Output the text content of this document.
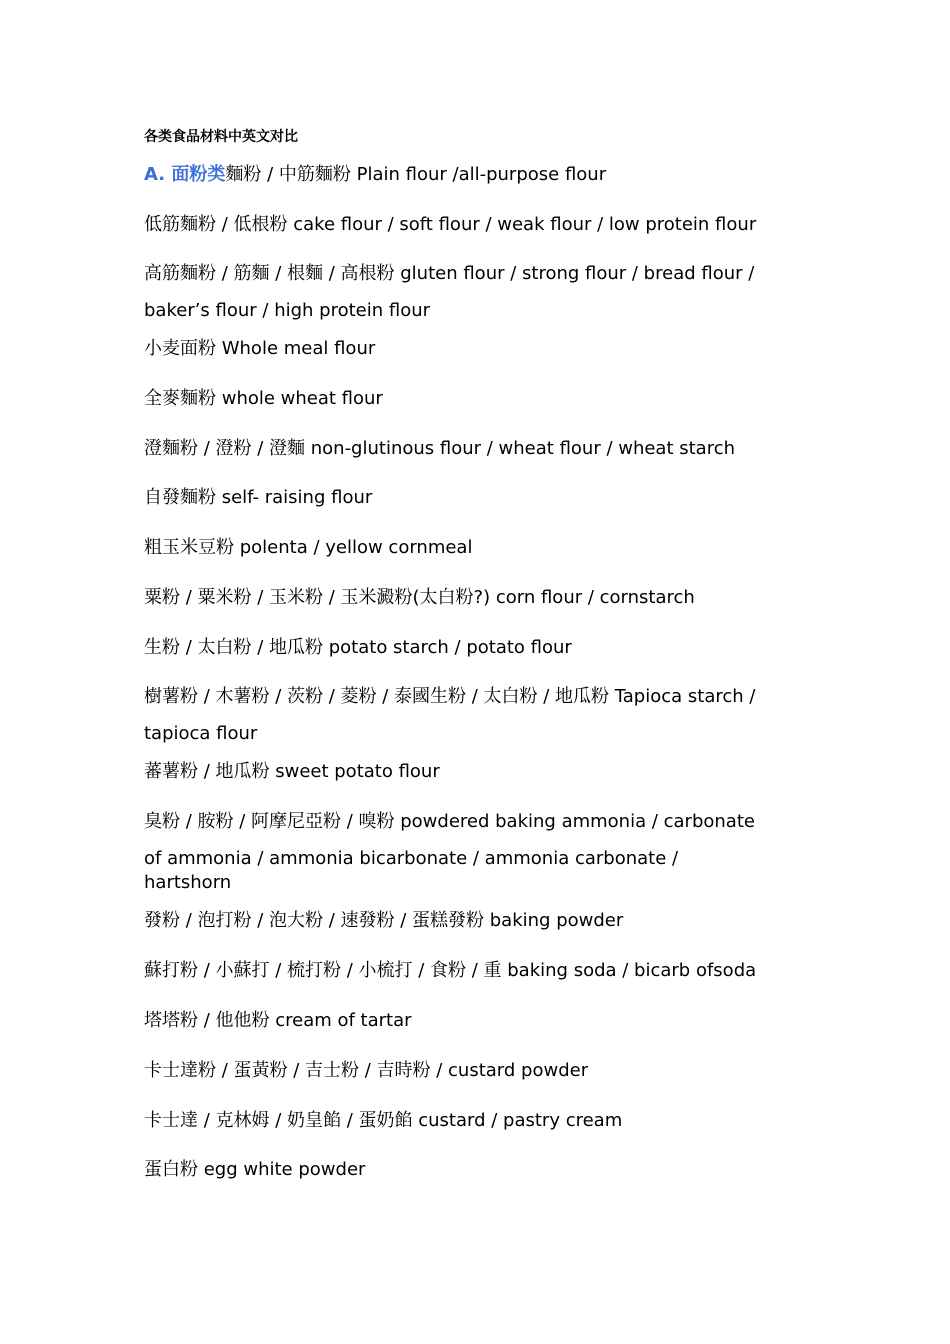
各类食品材料中英文对比
A. 面粉类麵粉 / 中筋麵粉 Plain flour /all-purpose flour
低筋麵粉 / 低根粉 cake flour / soft flour / weak flour / low protein flour
高筋麵粉 / 筋麵 / 根麵 / 高根粉 gluten flour / strong flour / bread flour /
baker’s flour / high protein flour
小麦面粉 Whole meal flour
全麥麵粉 whole wheat flour
澄麵粉 / 澄粉 / 澄麵 non-glutinous flour / wheat flour / wheat starch
自發麵粉 self- raising flour
粗玉米豆粉 polenta / yellow cornmeal
粟粉 / 粟米粉 / 玉米粉 / 玉米澱粉(太白粉?) corn flour / cornstarch
生粉 / 太白粉 / 地瓜粉 potato starch / potato flour
樹薯粉 / 木薯粉 / 茨粉 / 菱粉 / 泰國生粉 / 太白粉 / 地瓜粉 Tapioca starch /
tapioca flour
蕃薯粉 / 地瓜粉 sweet potato flour
臭粉 / 胺粉 / 阿摩尼亞粉 / 嗅粉 powdered baking ammonia / carbonate
of ammonia / ammonia bicarbonate / ammonia carbonate /
hartshorn
發粉 / 泡打粉 / 泡大粉 / 速發粉 / 蛋糕發粉 baking powder
蘇打粉 / 小蘇打 / 梳打粉 / 小梳打 / 食粉 / 重 baking soda / bicarb ofsoda
塔塔粉 / 他他粉 cream of tartar
卡士達粉 / 蛋黃粉 / 吉士粉 / 吉時粉 / custard powder
卡士達 / 克林姆 / 奶皇餡 / 蛋奶餡 custard / pastry cream
蛋白粉 egg white powder
